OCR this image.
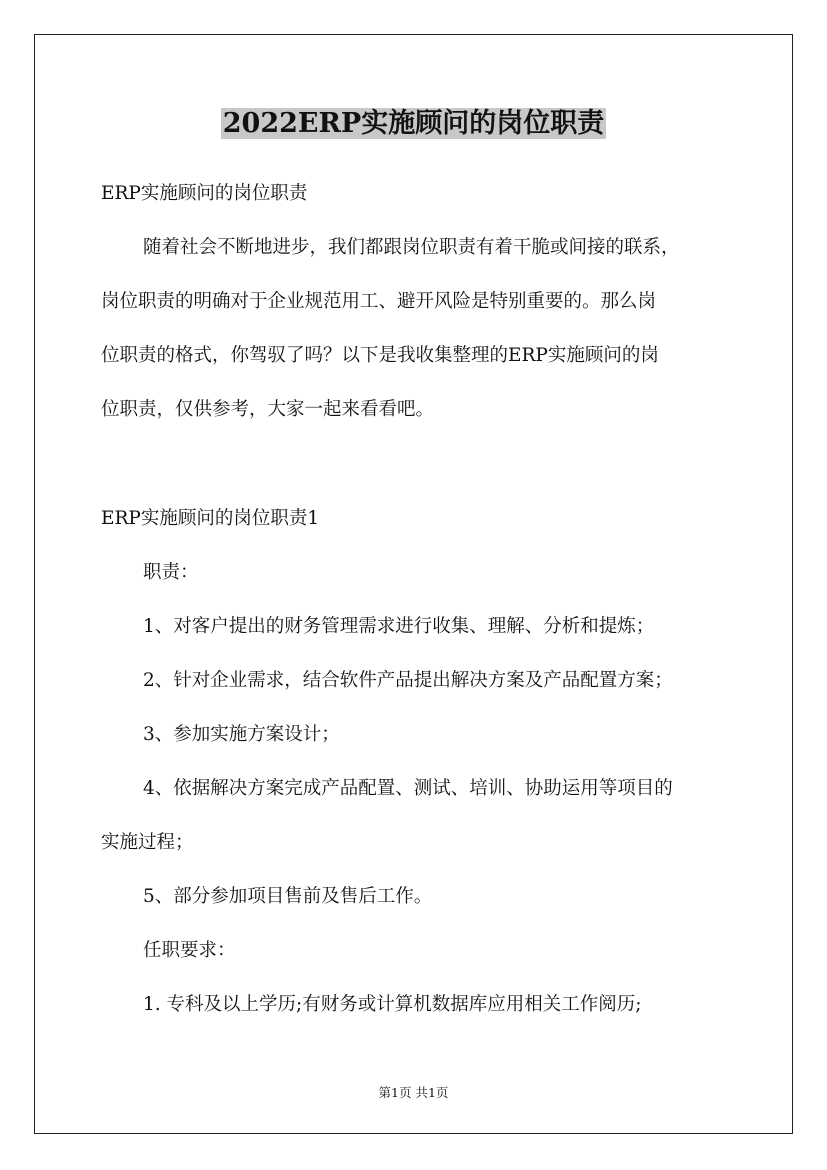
2022ERP实施顾问的岗位职责

ERP实施顾问的岗位职责

随着社会不断地进步，我们都跟岗位职责有着干脆或间接的联系，

岗位职责的明确对于企业规范用工、避开风险是特别重要的。那么岗

位职责的格式，你驾驭了吗？以下是我收集整理的ERP实施顾问的岗

位职责，仅供参考，大家一起来看看吧。

ERP实施顾问的岗位职责1

职责：

1、对客户提出的财务管理需求进行收集、理解、分析和提炼；

2、针对企业需求，结合软件产品提出解决方案及产品配置方案；

3、参加实施方案设计；

4、依据解决方案完成产品配置、测试、培训、协助运用等项目的

实施过程；

5、部分参加项目售前及售后工作。

任职要求：

1. 专科及以上学历;有财务或计算机数据库应用相关工作阅历;

第1页 共1页
